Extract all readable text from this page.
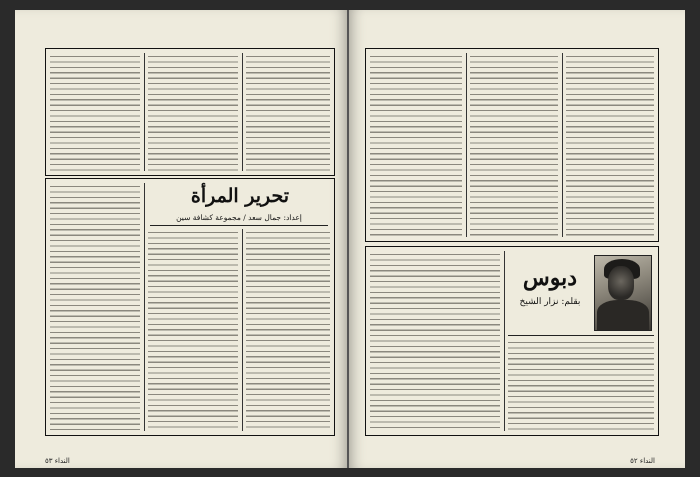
تحرير المرأة
إعداد: جمال سعد / مجموعة كشافة سين
النداء ٥٣
دبوس
بقلم: نزار الشيخ
النداء ٥٢
